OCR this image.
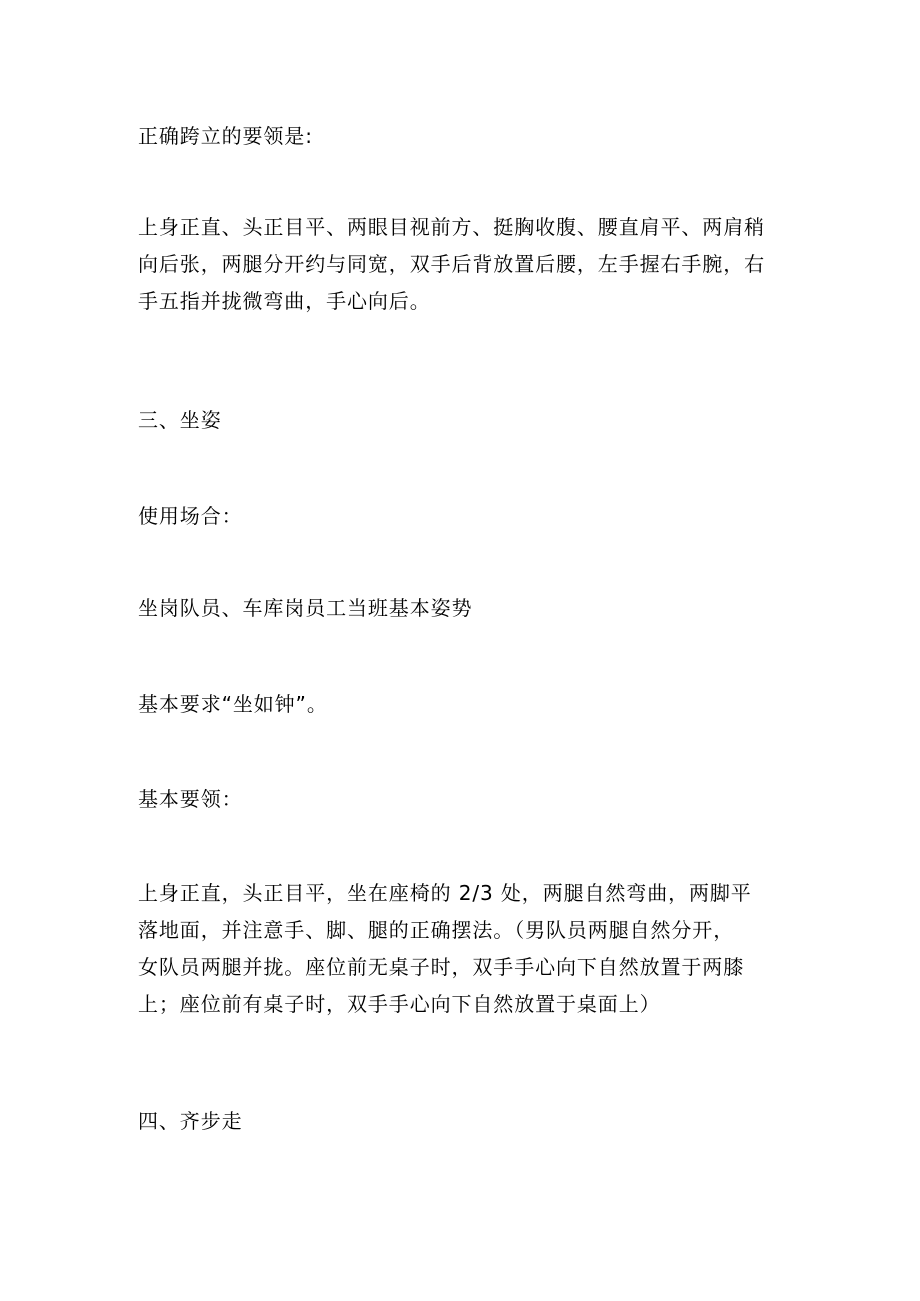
正确跨立的要领是:

上身正直、头正目平、两眼目视前方、挺胸收腹、腰直肩平、两肩稍
向后张，两腿分开约与同宽，双手后背放置后腰，左手握右手腕，右
手五指并拢微弯曲，手心向后。

三、坐姿

使用场合：

坐岗队员、车库岗员工当班基本姿势

基本要求“坐如钟”。

基本要领：

上身正直，头正目平，坐在座椅的 2/3 处，两腿自然弯曲，两脚平
落地面，并注意手、脚、腿的正确摆法。（男队员两腿自然分开，
女队员两腿并拢。座位前无桌子时，双手手心向下自然放置于两膝
上；座位前有桌子时，双手手心向下自然放置于桌面上）

四、齐步走
